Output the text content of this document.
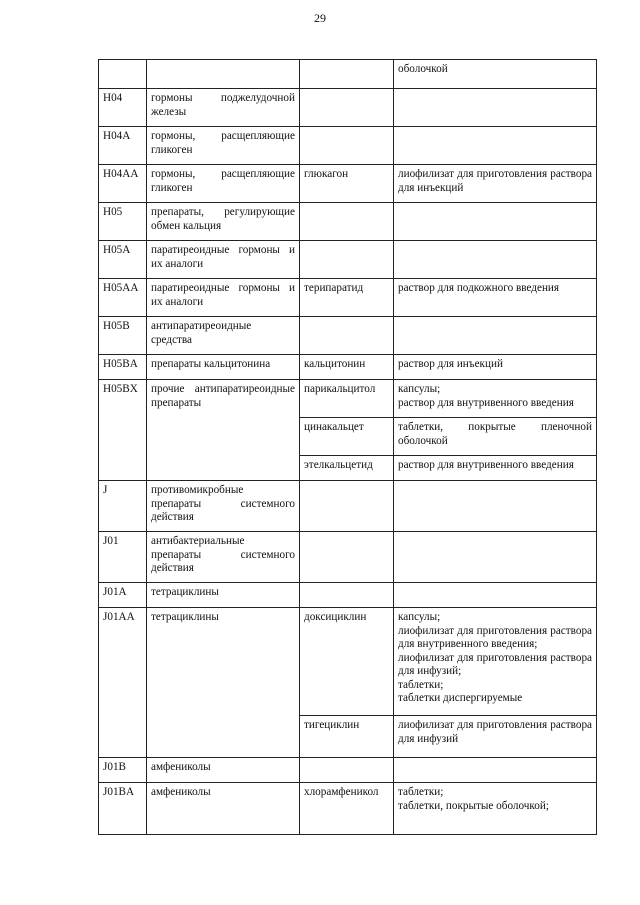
29

			оболочкой

H04	гормоны поджелудочной железы		
H04A	гормоны, расщепляющие гликоген		
H04AA	гормоны, расщепляющие гликоген	глюкагон	лиофилизат для приготовления раствора для инъекций

H05	препараты, регулирующие обмен кальция		
H05A	паратиреоидные гормоны и их аналоги		
H05AA	паратиреоидные гормоны и их аналоги	терипаратид	раствор для подкожного введения

H05B	антипаратиреоидные средства		
H05BA	препараты кальцитонина	кальцитонин	раствор для инъекций

H05BX	прочие антипаратиреоидные препараты	парикальцитол	капсулы;
раствор для внутривенного введения

		цинакальцет	таблетки, покрытые пленочной оболочкой

		этелкальцетид	раствор для внутривенного введения

J	противомикробные препараты системного действия		
J01	антибактериальные препараты системного действия		
J01A	тетрациклины		
J01AA	тетрациклины	доксициклин	капсулы;
лиофилизат для приготовления раствора для внутривенного введения;
лиофилизат для приготовления раствора для инфузий;
таблетки;
таблетки диспергируемые

		тигециклин	лиофилизат для приготовления раствора для инфузий

J01B	амфениколы		
J01BA	амфениколы	хлорамфеникол	таблетки;
таблетки, покрытые оболочкой;
